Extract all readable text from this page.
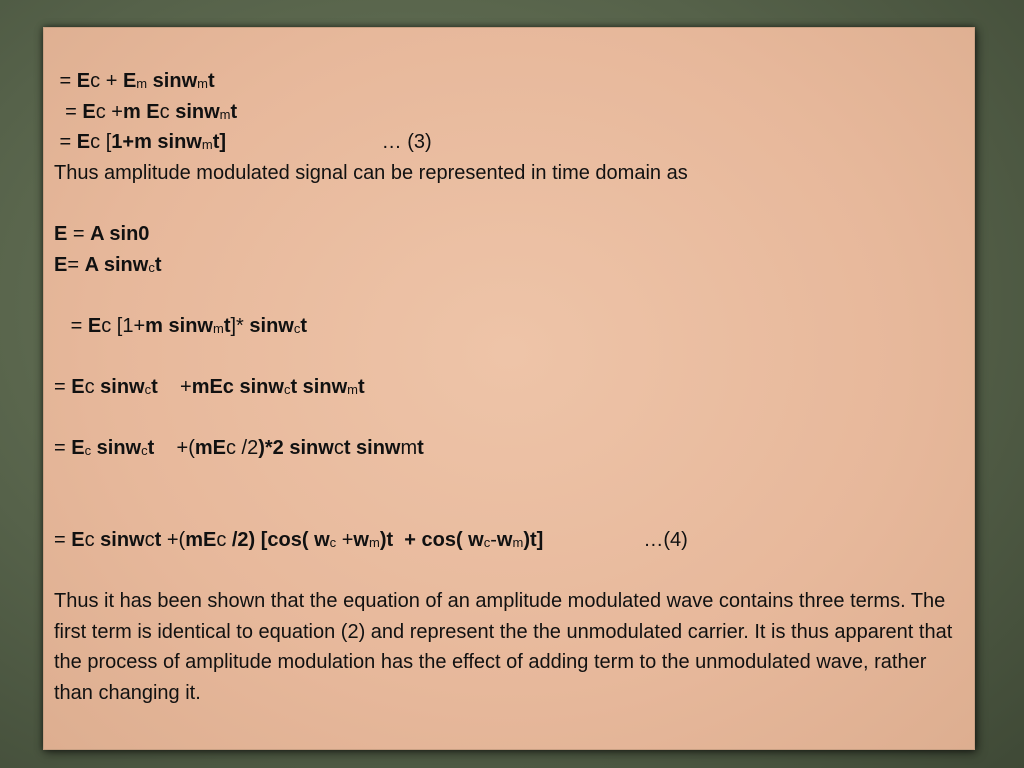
= $Ec + E_m$ sinw$_m$t
= Ec +m Ec sinw$_m$t
= Ec [1+m sinw$_m$t]                            … (3)
Thus amplitude modulated signal can be represented in time domain as
E = A sin0
E= A sinw$_c$t
= Ec [1+m sinw$_m$t]* sinw$_c$t
= Ec sinw$_c$t    +mEc sinw$_c$t sinw$_m$t
= $E_c$ sinw$_c$t    +(mEc /2)*2 sinwct sinwmt
= Ec sinwct +(mEc /2) [cos( $w_c +w_m)t + \cos$( $w_c-w_m)t$]                  …(4)
Thus it has been shown that the equation of an amplitude modulated wave contains three terms. The first term is identical to equation (2) and represent the the unmodulated carrier. It is thus apparent that the process of amplitude modulation has the effect of adding term to the unmodulated wave, rather than changing it.
